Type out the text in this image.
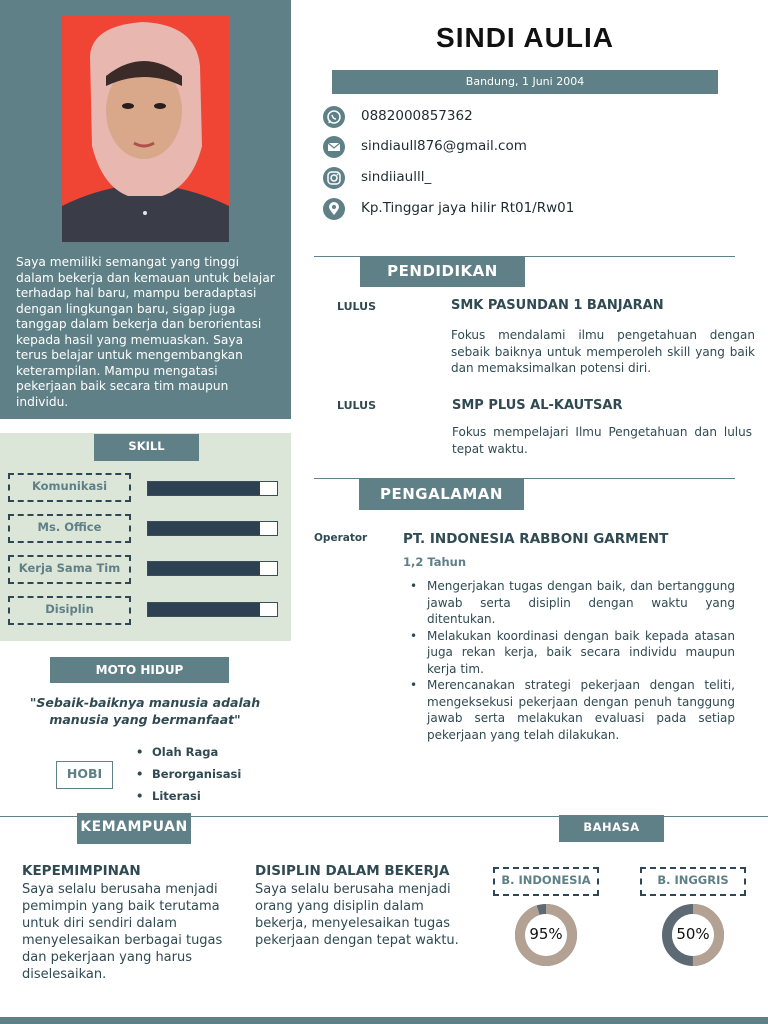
Saya memiliki semangat yang tinggi dalam bekerja dan kemauan untuk belajar terhadap hal baru, mampu beradaptasi dengan lingkungan baru, sigap juga tanggap dalam bekerja dan berorientasi kepada hasil yang memuaskan. Saya terus belajar untuk mengembangkan keterampilan. Mampu mengatasi pekerjaan baik secara tim maupun individu.
SKILL
Komunikasi
Ms. Office
Kerja Sama Tim
Disiplin
MOTO HIDUP
"Sebaik-baiknya manusia adalah manusia yang bermanfaat"
HOBI
• Olah Raga
• Berorganisasi
• Literasi
SINDI AULIA
Bandung, 1 Juni 2004
0882000857362
sindiaull876@gmail.com
sindiiaulll_
Kp.Tinggar jaya hilir Rt01/Rw01
PENDIDIKAN
LULUS	SMK PASUNDAN 1 BANJARAN
Fokus mendalami ilmu pengetahuan dengan sebaik baiknya untuk memperoleh skill yang baik dan memaksimalkan potensi diri.
LULUS	SMP PLUS AL-KAUTSAR
Fokus mempelajari Ilmu Pengetahuan dan lulus tepat waktu.
PENGALAMAN
Operator	PT. INDONESIA RABBONI GARMENT
1,2 Tahun
• Mengerjakan tugas dengan baik, dan bertanggung jawab serta disiplin dengan waktu yang ditentukan.
• Melakukan koordinasi dengan baik kepada atasan juga rekan kerja, baik secara individu maupun kerja tim.
• Merencanakan strategi pekerjaan dengan teliti, mengeksekusi pekerjaan dengan penuh tanggung jawab serta melakukan evaluasi pada setiap pekerjaan yang telah dilakukan.
KEMAMPUAN	BAHASA
KEPEMIMPINAN
Saya selalu berusaha menjadi pemimpin yang baik terutama untuk diri sendiri dalam menyelesaikan berbagai tugas dan pekerjaan yang harus diselesaikan.
DISIPLIN DALAM BEKERJA
Saya selalu berusaha menjadi orang yang disiplin dalam bekerja, menyelesaikan tugas pekerjaan dengan tepat waktu.
B. INDONESIA
95%
B. INGGRIS
50%
